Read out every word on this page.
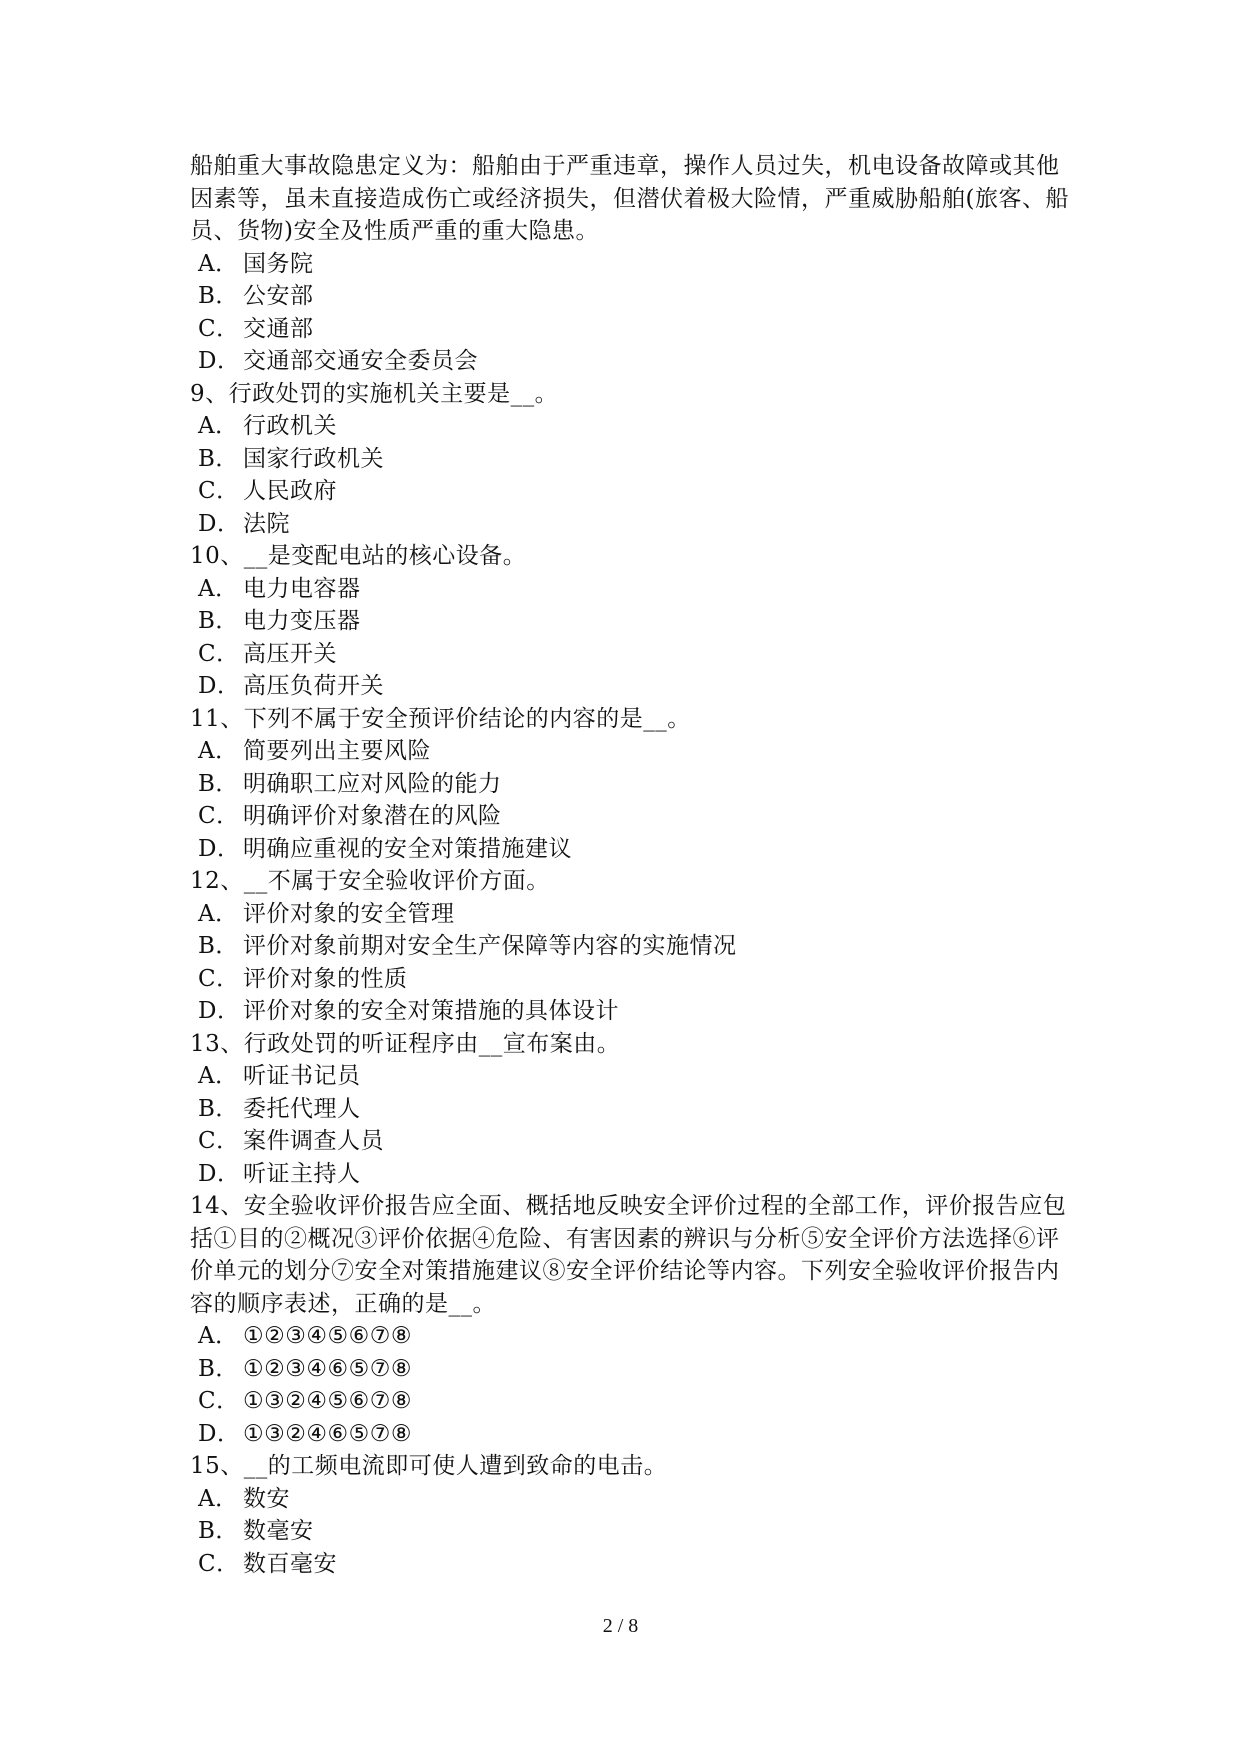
船舶重大事故隐患定义为：船舶由于严重违章，操作人员过失，机电设备故障或其他因素等，虽未直接造成伤亡或经济损失，但潜伏着极大险情，严重威胁船舶(旅客、船员、货物)安全及性质严重的重大隐患。

A． 国务院

B． 公安部

C． 交通部

D． 交通部交通安全委员会

9、行政处罚的实施机关主要是__。

A． 行政机关

B． 国家行政机关

C． 人民政府

D． 法院

10、__是变配电站的核心设备。

A． 电力电容器

B． 电力变压器

C． 高压开关

D． 高压负荷开关

11、下列不属于安全预评价结论的内容的是__。

A． 简要列出主要风险

B． 明确职工应对风险的能力

C． 明确评价对象潜在的风险

D． 明确应重视的安全对策措施建议

12、__不属于安全验收评价方面。

A． 评价对象的安全管理

B． 评价对象前期对安全生产保障等内容的实施情况

C． 评价对象的性质

D． 评价对象的安全对策措施的具体设计

13、行政处罚的听证程序由__宣布案由。

A． 听证书记员

B． 委托代理人

C． 案件调查人员

D． 听证主持人

14、安全验收评价报告应全面、概括地反映安全评价过程的全部工作，评价报告应包括①目的②概况③评价依据④危险、有害因素的辨识与分析⑤安全评价方法选择⑥评价单元的划分⑦安全对策措施建议⑧安全评价结论等内容。下列安全验收评价报告内容的顺序表述，正确的是__。

A． ①②③④⑤⑥⑦⑧

B． ①②③④⑥⑤⑦⑧

C． ①③②④⑤⑥⑦⑧

D． ①③②④⑥⑤⑦⑧

15、__的工频电流即可使人遭到致命的电击。

A． 数安

B． 数毫安

C． 数百毫安

2 / 8
